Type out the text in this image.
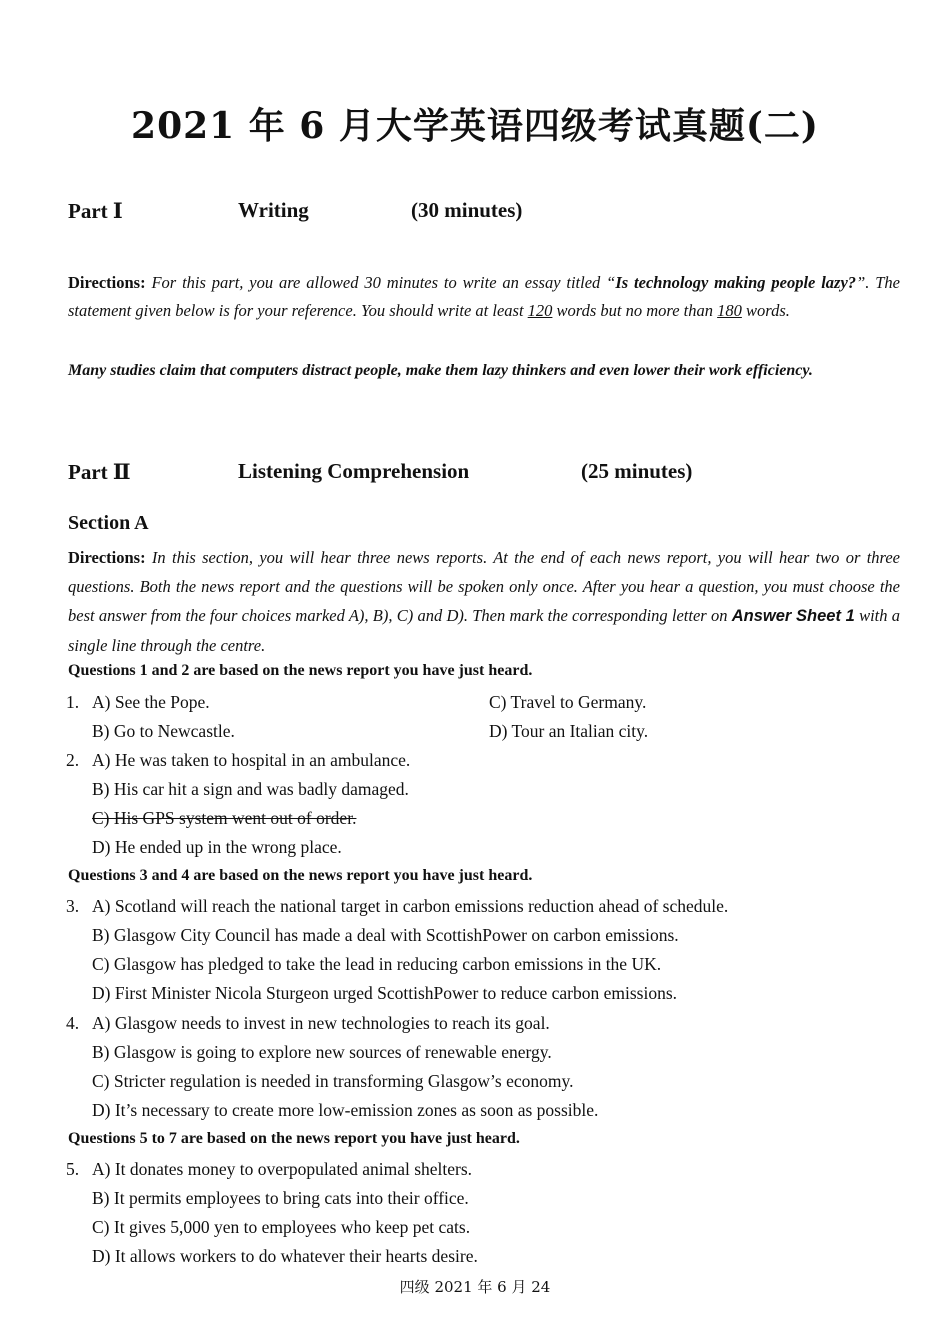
2021 年 6 月大学英语四级考试真题(二)
Part Ⅰ	Writing	(30 minutes)
Directions: For this part, you are allowed 30 minutes to write an essay titled “Is technology making people lazy?”. The statement given below is for your reference. You should write at least 120 words but no more than 180 words.
Many studies claim that computers distract people, make them lazy thinkers and even lower their work efficiency.
Part Ⅱ	Listening Comprehension	(25 minutes)
Section A
Directions: In this section, you will hear three news reports. At the end of each news report, you will hear two or three questions. Both the news report and the questions will be spoken only once. After you hear a question, you must choose the best answer from the four choices marked A), B), C) and D). Then mark the corresponding letter on Answer Sheet 1 with a single line through the centre.
Questions 1 and 2 are based on the news report you have just heard.
1. A) See the Pope.	C) Travel to Germany.
B) Go to Newcastle.	D) Tour an Italian city.
2. A) He was taken to hospital in an ambulance.
B) His car hit a sign and was badly damaged.
C) His GPS system went out of order.
D) He ended up in the wrong place.
Questions 3 and 4 are based on the news report you have just heard.
3. A) Scotland will reach the national target in carbon emissions reduction ahead of schedule.
B) Glasgow City Council has made a deal with ScottishPower on carbon emissions.
C) Glasgow has pledged to take the lead in reducing carbon emissions in the UK.
D) First Minister Nicola Sturgeon urged ScottishPower to reduce carbon emissions.
4. A) Glasgow needs to invest in new technologies to reach its goal.
B) Glasgow is going to explore new sources of renewable energy.
C) Stricter regulation is needed in transforming Glasgow’s economy.
D) It’s necessary to create more low-emission zones as soon as possible.
Questions 5 to 7 are based on the news report you have just heard.
5. A) It donates money to overpopulated animal shelters.
B) It permits employees to bring cats into their office.
C) It gives 5,000 yen to employees who keep pet cats.
D) It allows workers to do whatever their hearts desire.
四级 2021 年 6 月 24
